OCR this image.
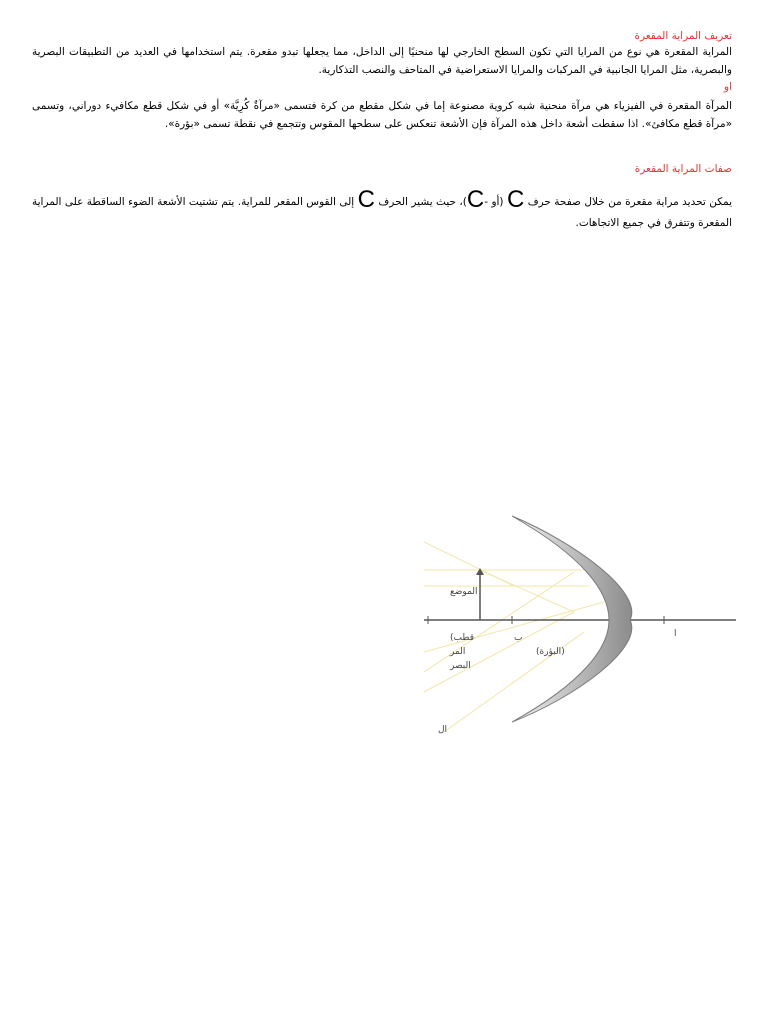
تعريف المراية المقعرة
المراية المقعرة هي نوع من المرايا التي تكون السطح الخارجي لها منحنيًا إلى الداخل، مما يجعلها تبدو مقعرة. يتم استخدامها في العديد من التطبيقات البصرية والبصرية، مثل المرايا الجانبية في المركبات والمرايا الاستعراضية في المتاحف والنصب التذكارية.
او
المرآة المقعرة في الفيزياء هي مرآة منحنية شبه كروية مصنوعة إما في شكل مقطع من كرة فتسمى «مرآةٌ كُرِيَّة» أو في شكل قطع مكافيء دوراني، وتسمى «مرآة قطع مكافئ». اذا سقطت أشعة داخل هذه المرآة فإن الأشعة تنعكس على سطحها المقوس وتتجمع في نقطة تسمى «بؤرة».
صفات المراية المقعرة
يمكن تحديد مراية مقعرة من خلال صفحة حرف C (أو -C)، حيث يشير الحرف C إلى القوس المقعر للمراية. يتم تشتيت الأشعة الضوء الساقطة على المراية المقعرة وتتفرق في جميع الاتجاهات.
الموضع
ب
(البؤرة)
ا
(قطب
المر
البصر
ال
